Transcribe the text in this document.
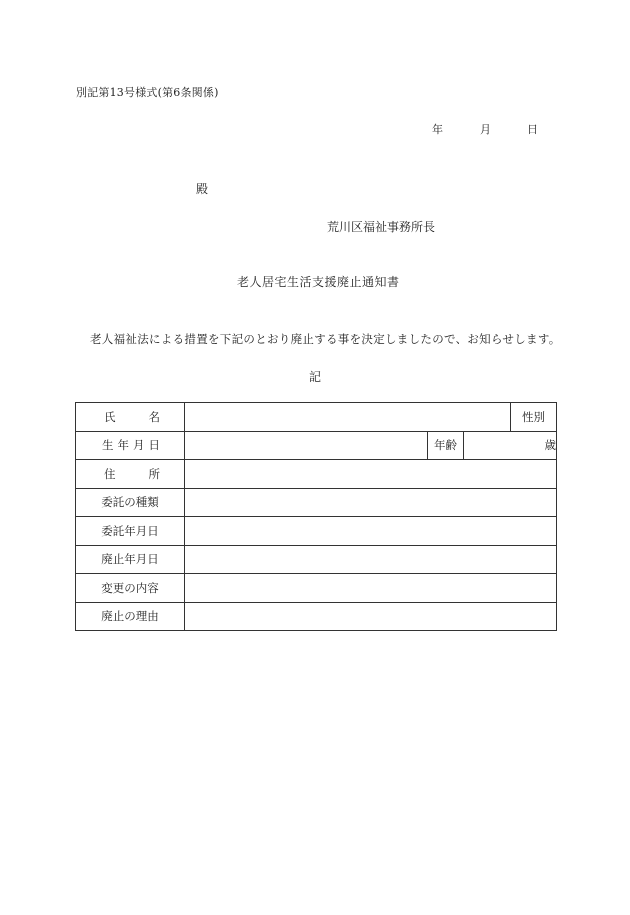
別記第13号様式(第6条関係)
年	月	日
殿
荒川区福祉事務所長
老人居宅生活支援廃止通知書
老人福祉法による措置を下記のとおり廃止する事を決定しましたので、お知らせします。
記
氏 名				性別

生 年 月 日		年齢	歳	

住 所				

委託の種類				
委託年月日				
廃止年月日				
変更の内容				
廃止の理由				
